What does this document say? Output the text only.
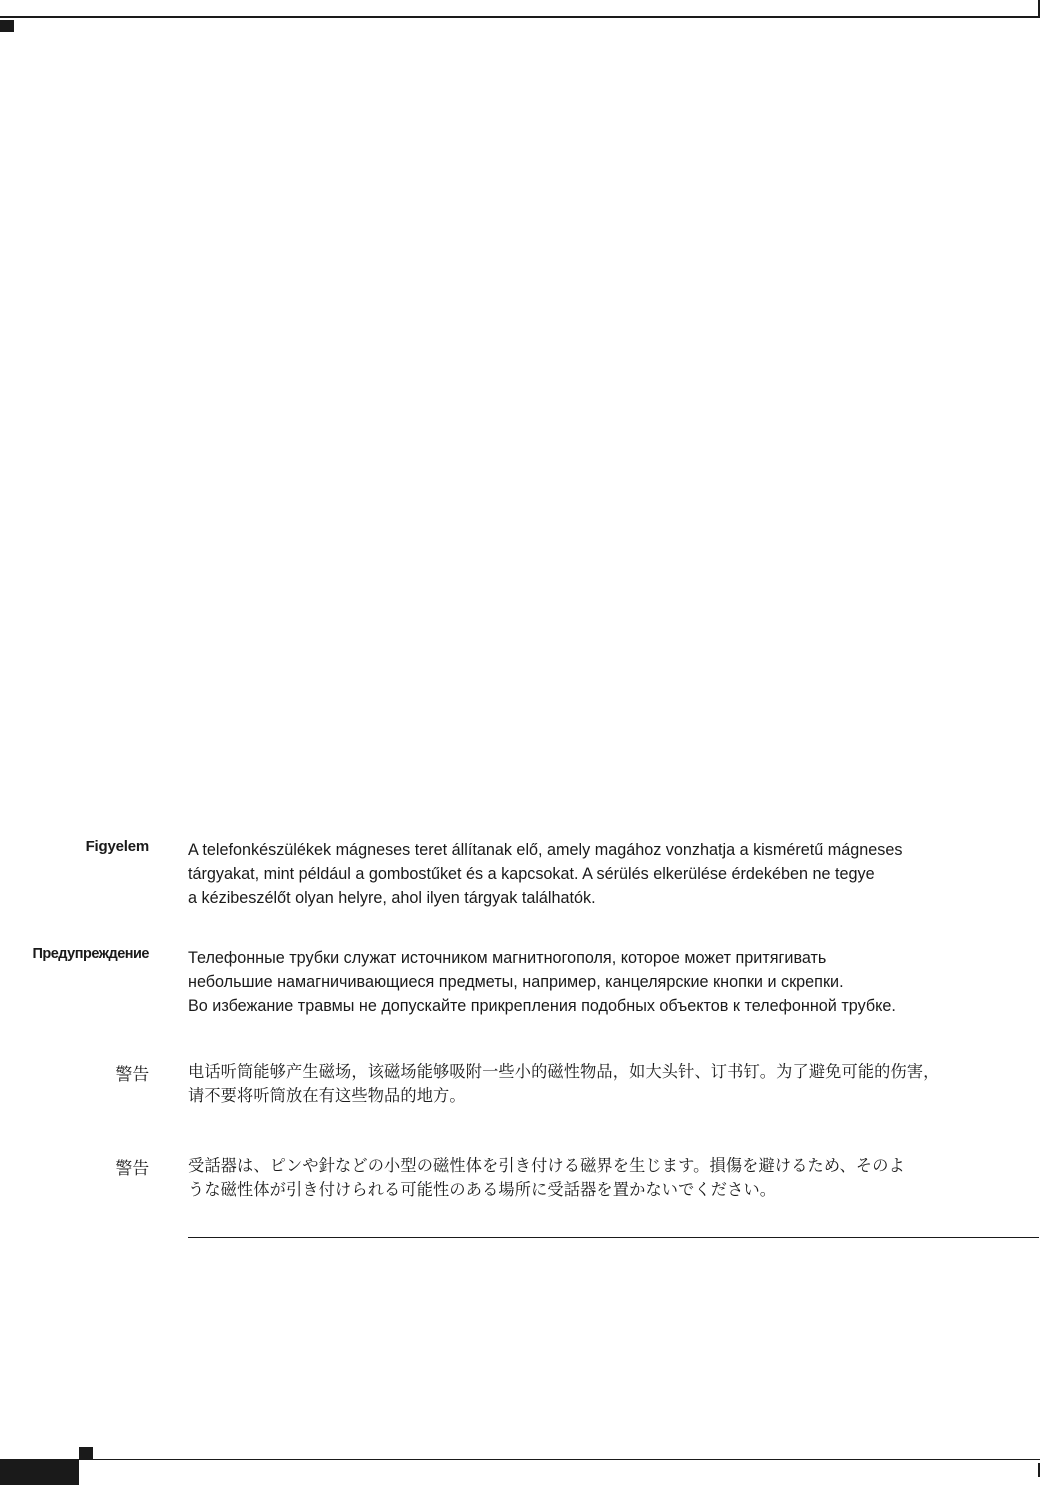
Figyelem A telefonkészülékek mágneses teret állítanak elő, amely magához vonzhatja a kisméretű mágneses
tárgyakat, mint például a gombostűket és a kapcsokat. A sérülés elkerülése érdekében ne tegye
a kézibeszélőt olyan helyre, ahol ilyen tárgyak találhatók.
Предупреждение Телефонные трубки служат источником магнитногополя, которое может притягивать
небольшие намагничивающиеся предметы, например, канцелярские кнопки и скрепки.
Во избежание травмы не допускайте прикрепления подобных объектов к телефонной трубке.
警告 电话听筒能够产生磁场，该磁场能够吸附一些小的磁性物品，如大头针、订书钉。为了避免可能的伤害，
请不要将听筒放在有这些物品的地方。
警告 受話器は、ピンや針などの小型の磁性体を引き付ける磁界を生じます。損傷を避けるため、そのよ
うな磁性体が引き付けられる可能性のある場所に受話器を置かないでください。
